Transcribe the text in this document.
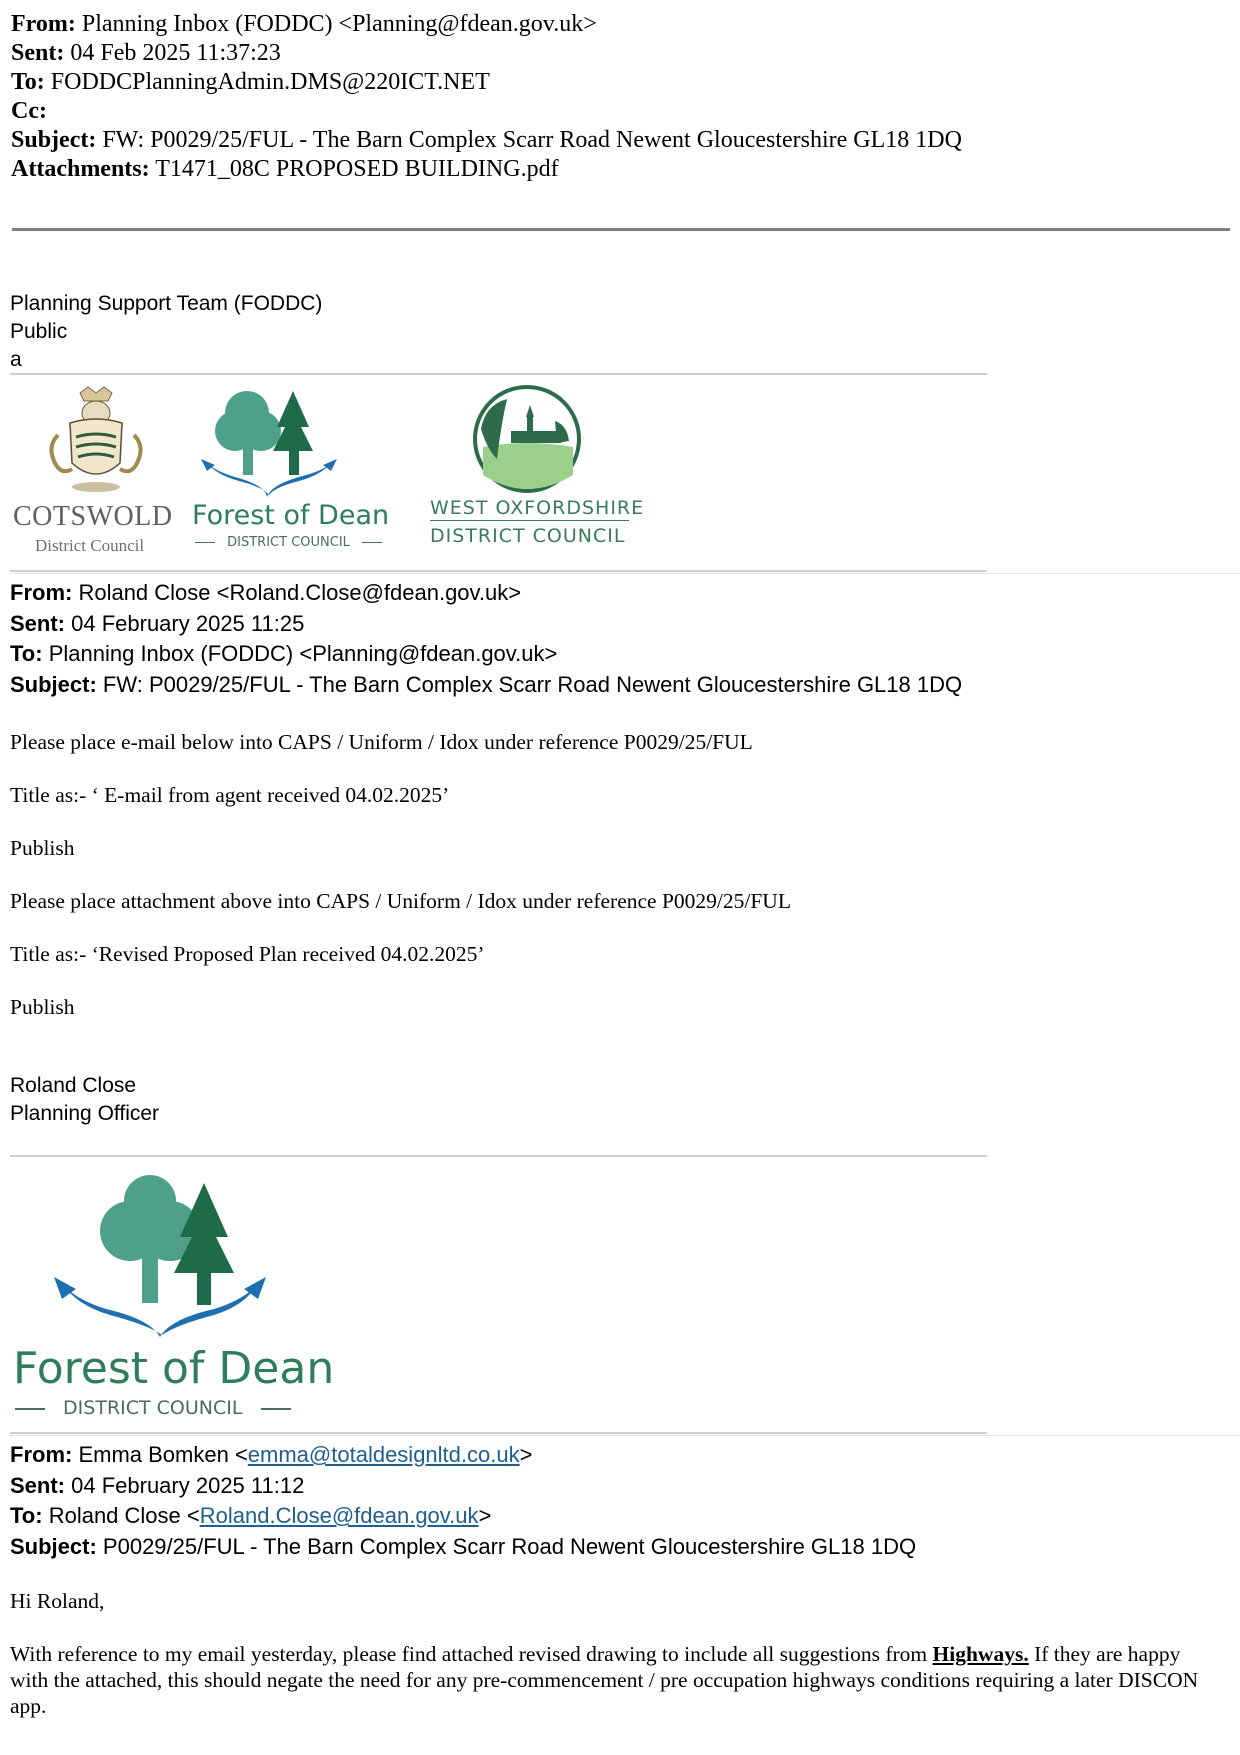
From: Planning Inbox (FODDC) <Planning@fdean.gov.uk>
Sent: 04 Feb 2025 11:37:23
To: FODDCPlanningAdmin.DMS@220ICT.NET
Cc:
Subject: FW: P0029/25/FUL - The Barn Complex Scarr Road Newent Gloucestershire GL18 1DQ
Attachments: T1471_08C PROPOSED BUILDING.pdf
Planning Support Team (FODDC)
Public
a
COTSWOLD
District Council
Forest of Dean
DISTRICT COUNCIL
WEST OXFORDSHIRE
DISTRICT COUNCIL
From: Roland Close <Roland.Close@fdean.gov.uk>
Sent: 04 February 2025 11:25
To: Planning Inbox (FODDC) <Planning@fdean.gov.uk>
Subject: FW: P0029/25/FUL - The Barn Complex Scarr Road Newent Gloucestershire GL18 1DQ
Please place e-mail below into CAPS / Uniform / Idox under reference P0029/25/FUL
Title as:- ‘ E-mail from agent received 04.02.2025’
Publish
Please place attachment above into CAPS / Uniform / Idox under reference P0029/25/FUL
Title as:- ‘Revised Proposed Plan received 04.02.2025’
Publish
Roland Close
Planning Officer
Forest of Dean
DISTRICT COUNCIL
From: Emma Bomken <emma@totaldesignltd.co.uk>
Sent: 04 February 2025 11:12
To: Roland Close <Roland.Close@fdean.gov.uk>
Subject: P0029/25/FUL - The Barn Complex Scarr Road Newent Gloucestershire GL18 1DQ
Hi Roland,
With reference to my email yesterday, please find attached revised drawing to include all suggestions from Highways. If they are happy with the attached, this should negate the need for any pre-commencement / pre occupation highways conditions requiring a later DISCON app.
